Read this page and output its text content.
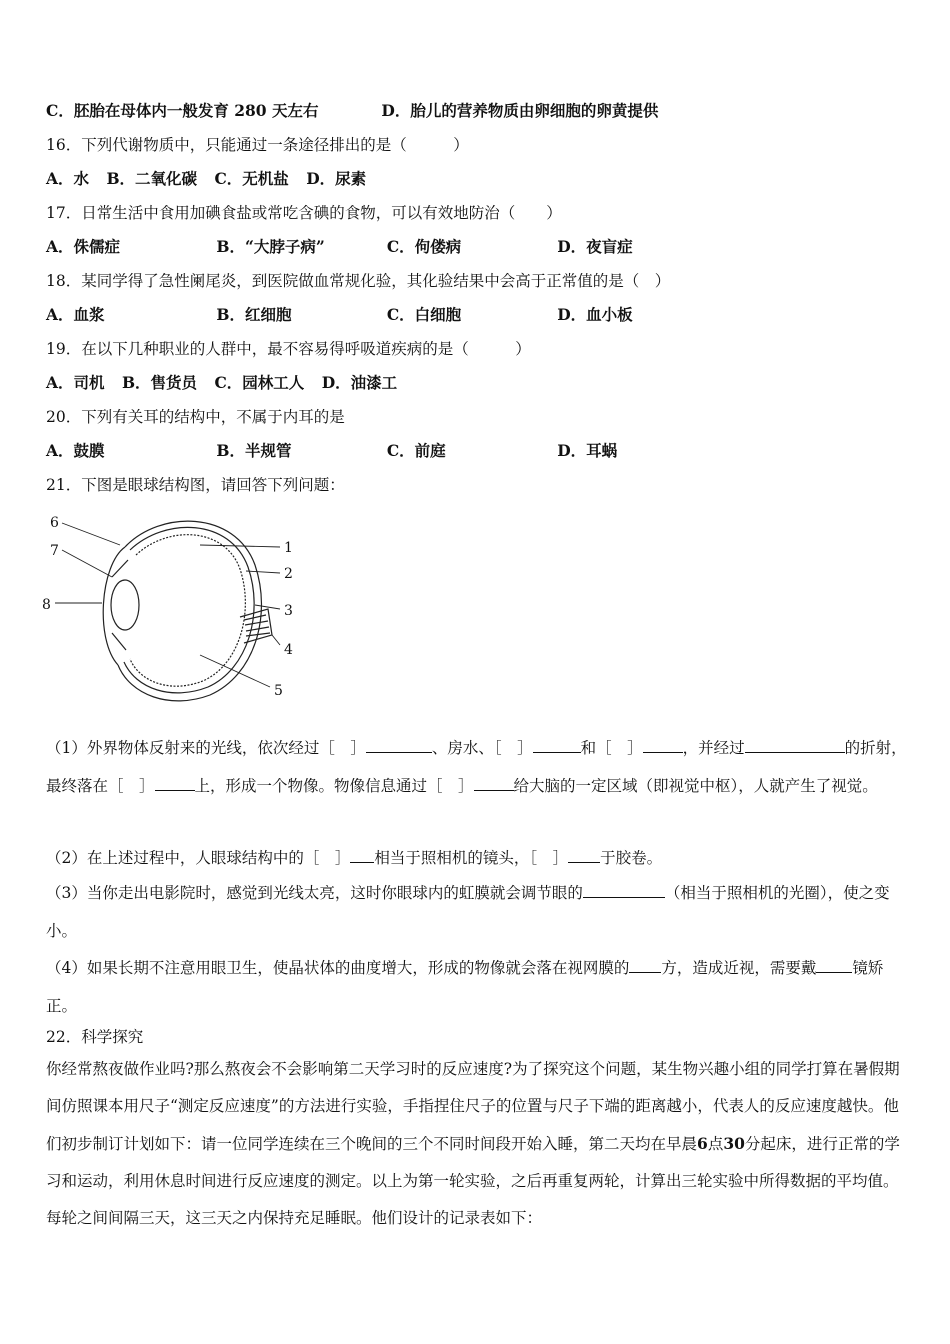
C．胚胎在母体内一般发育 280 天左右	D．胎儿的营养物质由卵细胞的卵黄提供
16．下列代谢物质中，只能通过一条途径排出的是（　　　）
A．水 B．二氧化碳 C．无机盐 D．尿素
17．日常生活中食用加碘食盐或常吃含碘的食物，可以有效地防治（　　）
A．侏儒症	B．“大脖子病”	C．佝偻病	D．夜盲症
18．某同学得了急性阑尾炎，到医院做血常规化验，其化验结果中会高于正常值的是（　）
A．血浆	B．红细胞	C．白细胞	D．血小板
19．在以下几种职业的人群中，最不容易得呼吸道疾病的是（　　　）
A．司机 B．售货员 C．园林工人 D．油漆工
20．下列有关耳的结构中，不属于内耳的是
A．鼓膜	B．半规管	C．前庭	D．耳蜗
21．下图是眼球结构图，请回答下列问题：
6
7
8
1
2
3
4
5
（1）外界物体反射来的光线，依次经过［　］	、房水、［　］	和［　］	，并经过	的折射，最终落在［　］	上，形成一个物像。物像信息通过［　］	给大脑的一定区域（即视觉中枢），人就产生了视觉。
（2）在上述过程中，人眼球结构中的［　］ 相当于照相机的镜头，［　］ 于胶卷。
（3）当你走出电影院时，感觉到光线太亮，这时你眼球内的虹膜就会调节眼的	（相当于照相机的光圈），使之变小。
（4）如果长期不注意用眼卫生，使晶状体的曲度增大，形成的物像就会落在视网膜的 方，造成近视，需要戴 镜矫正。
22．科学探究
你经常熬夜做作业吗?那么熬夜会不会影响第二天学习时的反应速度?为了探究这个问题，某生物兴趣小组的同学打算在暑假期间仿照课本用尺子“测定反应速度”的方法进行实验，手指捏住尺子的位置与尺子下端的距离越小，代表人的反应速度越快。他们初步制订计划如下：请一位同学连续在三个晚间的三个不同时间段开始入睡，第二天均在早晨6点30分起床，进行正常的学习和运动，利用休息时间进行反应速度的测定。以上为第一轮实验，之后再重复两轮，计算出三轮实验中所得数据的平均值。每轮之间间隔三天，这三天之内保持充足睡眠。他们设计的记录表如下：
